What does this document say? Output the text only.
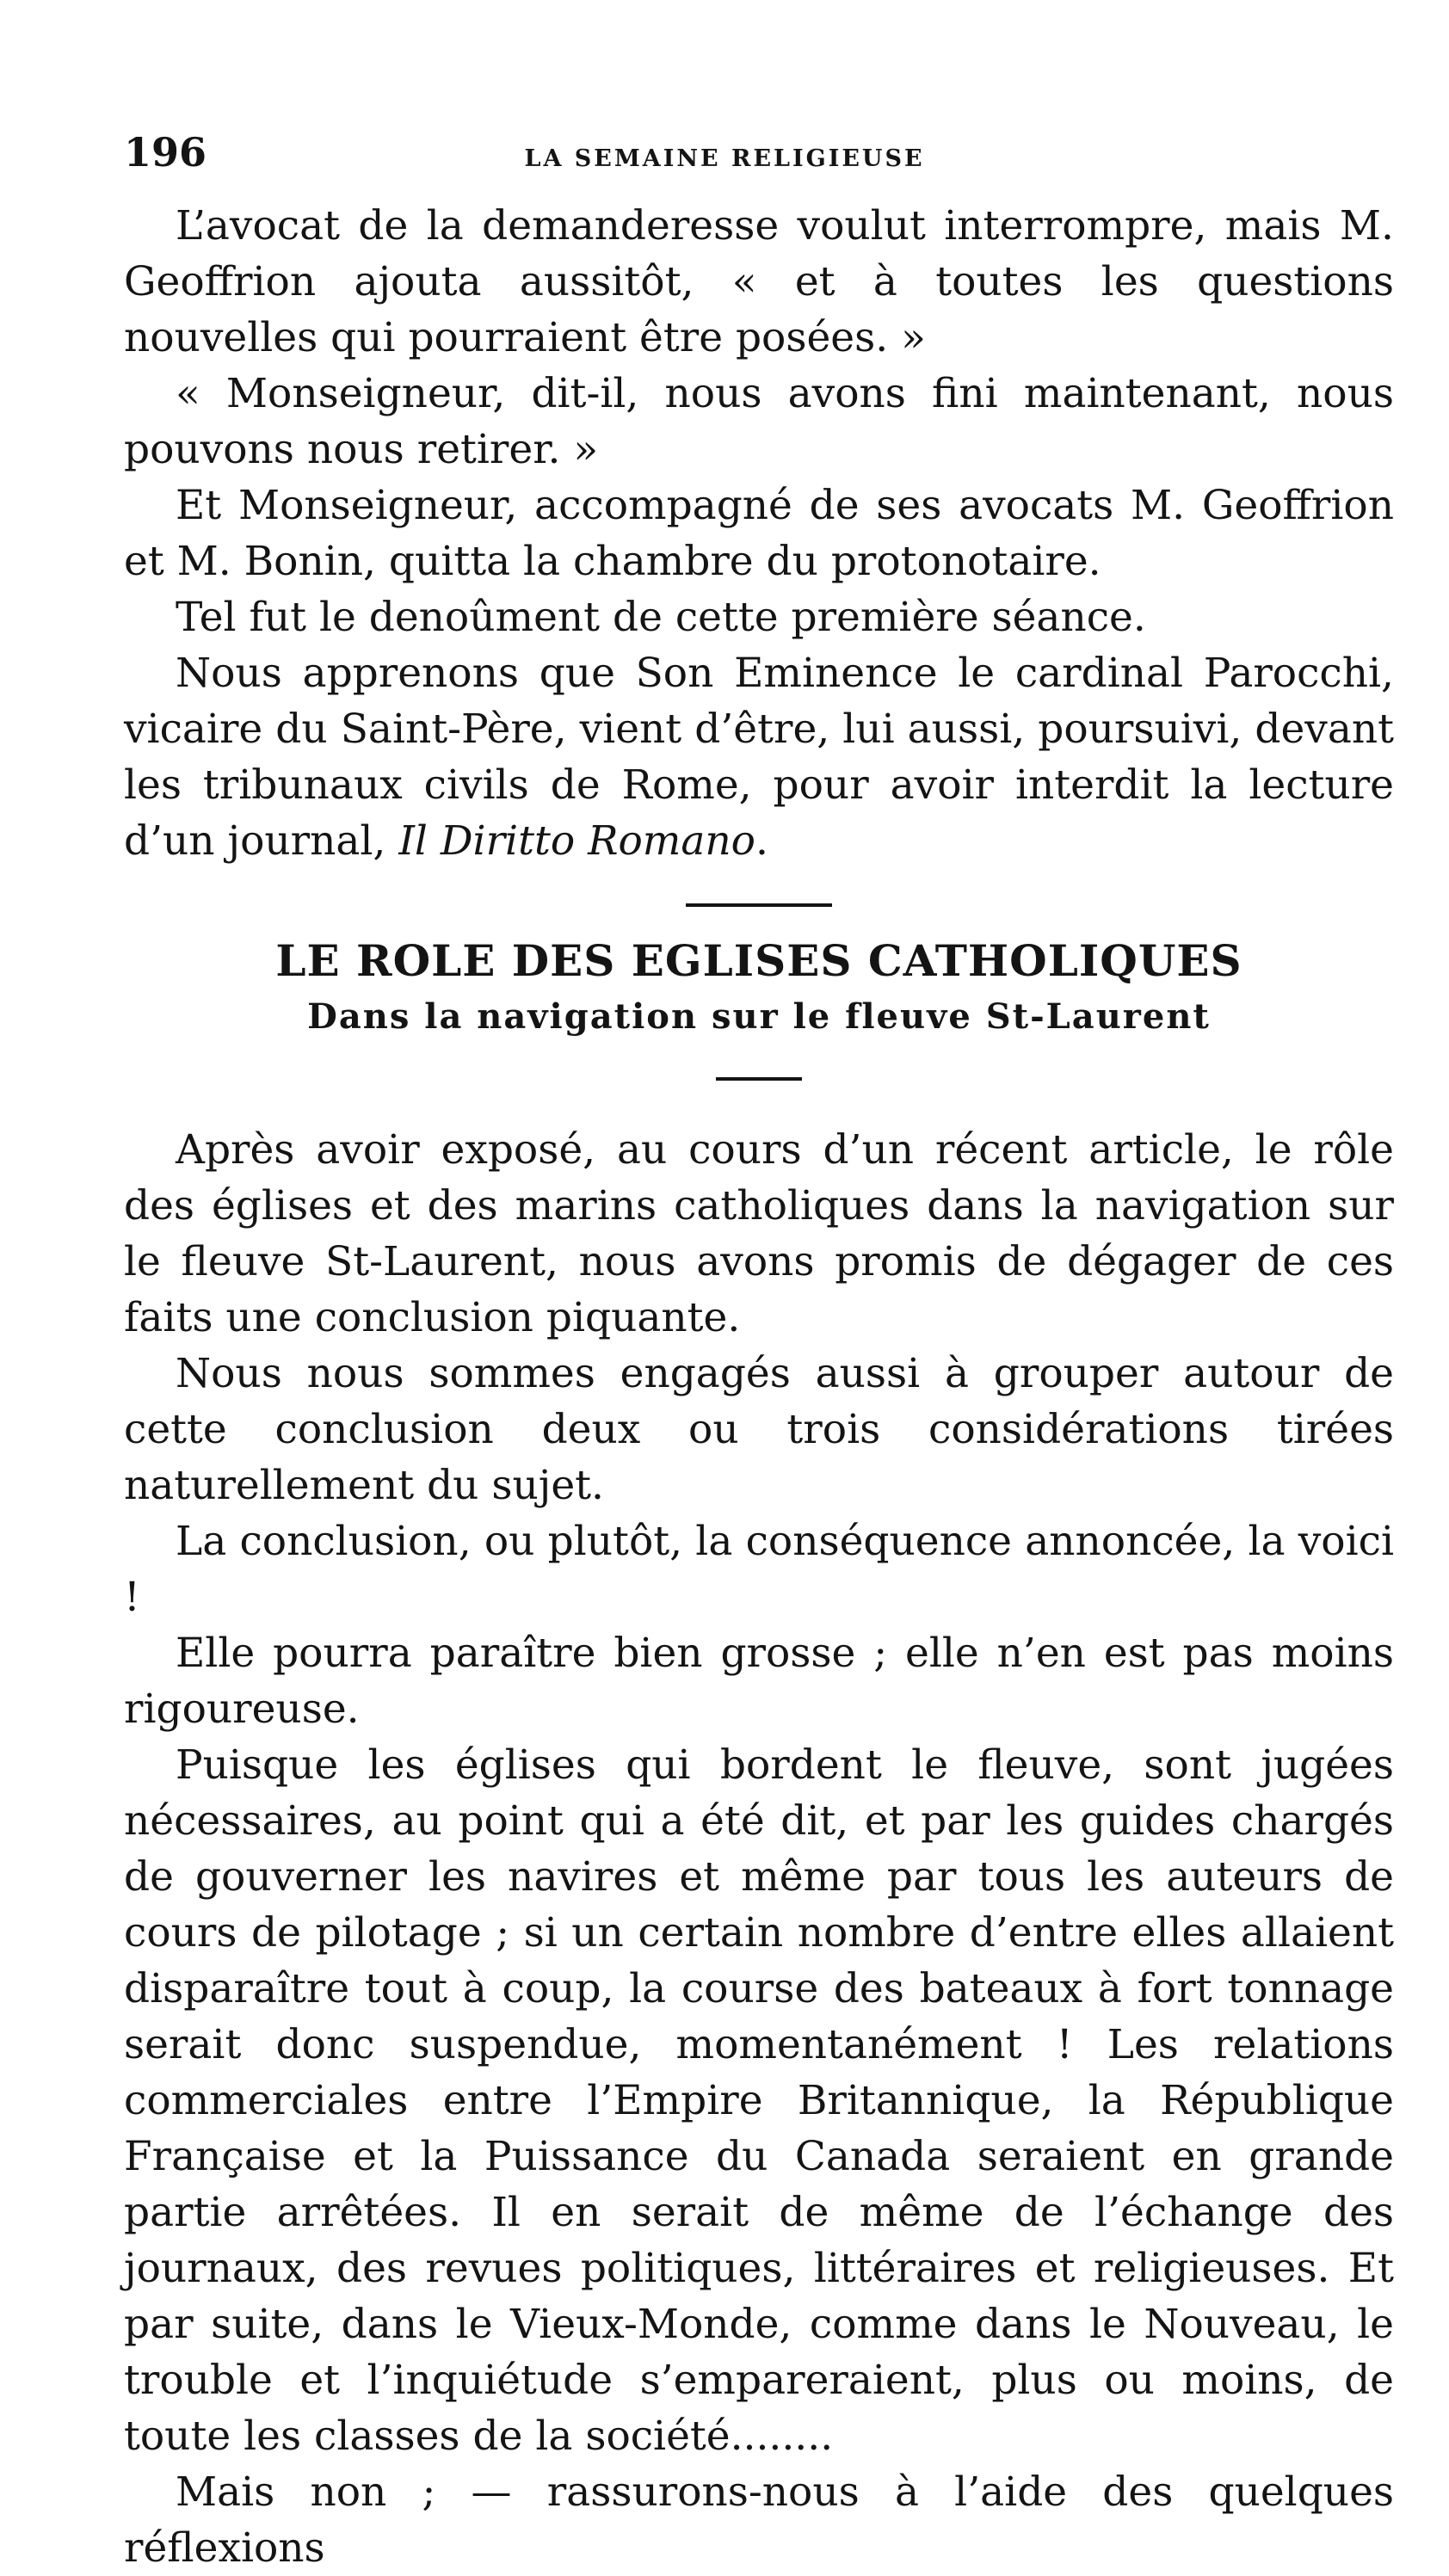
196	LA SEMAINE RELIGIEUSE

L’avocat de la demanderesse voulut interrompre, mais M. Geoffrion ajouta aussitôt, « et à toutes les questions nouvelles qui pourraient être posées. »

« Monseigneur, dit-il, nous avons fini maintenant, nous pouvons nous retirer. »

Et Monseigneur, accompagné de ses avocats M. Geoffrion et M. Bonin, quitta la chambre du protonotaire.

Tel fut le denoûment de cette première séance.

Nous apprenons que Son Eminence le cardinal Parocchi, vicaire du Saint-Père, vient d’être, lui aussi, poursuivi, devant les tribunaux civils de Rome, pour avoir interdit la lecture d’un journal, Il Diritto Romano.

LE ROLE DES EGLISES CATHOLIQUES
Dans la navigation sur le fleuve St-Laurent

Après avoir exposé, au cours d’un récent article, le rôle des églises et des marins catholiques dans la navigation sur le fleuve St-Laurent, nous avons promis de dégager de ces faits une conclusion piquante.

Nous nous sommes engagés aussi à grouper autour de cette conclusion deux ou trois considérations tirées naturellement du sujet.

La conclusion, ou plutôt, la conséquence annoncée, la voici !

Elle pourra paraître bien grosse ; elle n’en est pas moins rigoureuse.

Puisque les églises qui bordent le fleuve, sont jugées nécessaires, au point qui a été dit, et par les guides chargés de gouverner les navires et même par tous les auteurs de cours de pilotage ; si un certain nombre d’entre elles allaient disparaître tout à coup, la course des bateaux à fort tonnage serait donc suspendue, momentanément ! Les relations commerciales entre l’Empire Britannique, la République Française et la Puissance du Canada seraient en grande partie arrêtées. Il en serait de même de l’échange des journaux, des revues politiques, littéraires et religieuses. Et par suite, dans le Vieux-Monde, comme dans le Nouveau, le trouble et l’inquiétude s’empareraient, plus ou moins, de toute les classes de la société........

Mais non ; — rassurons-nous à l’aide des quelques réflexions
